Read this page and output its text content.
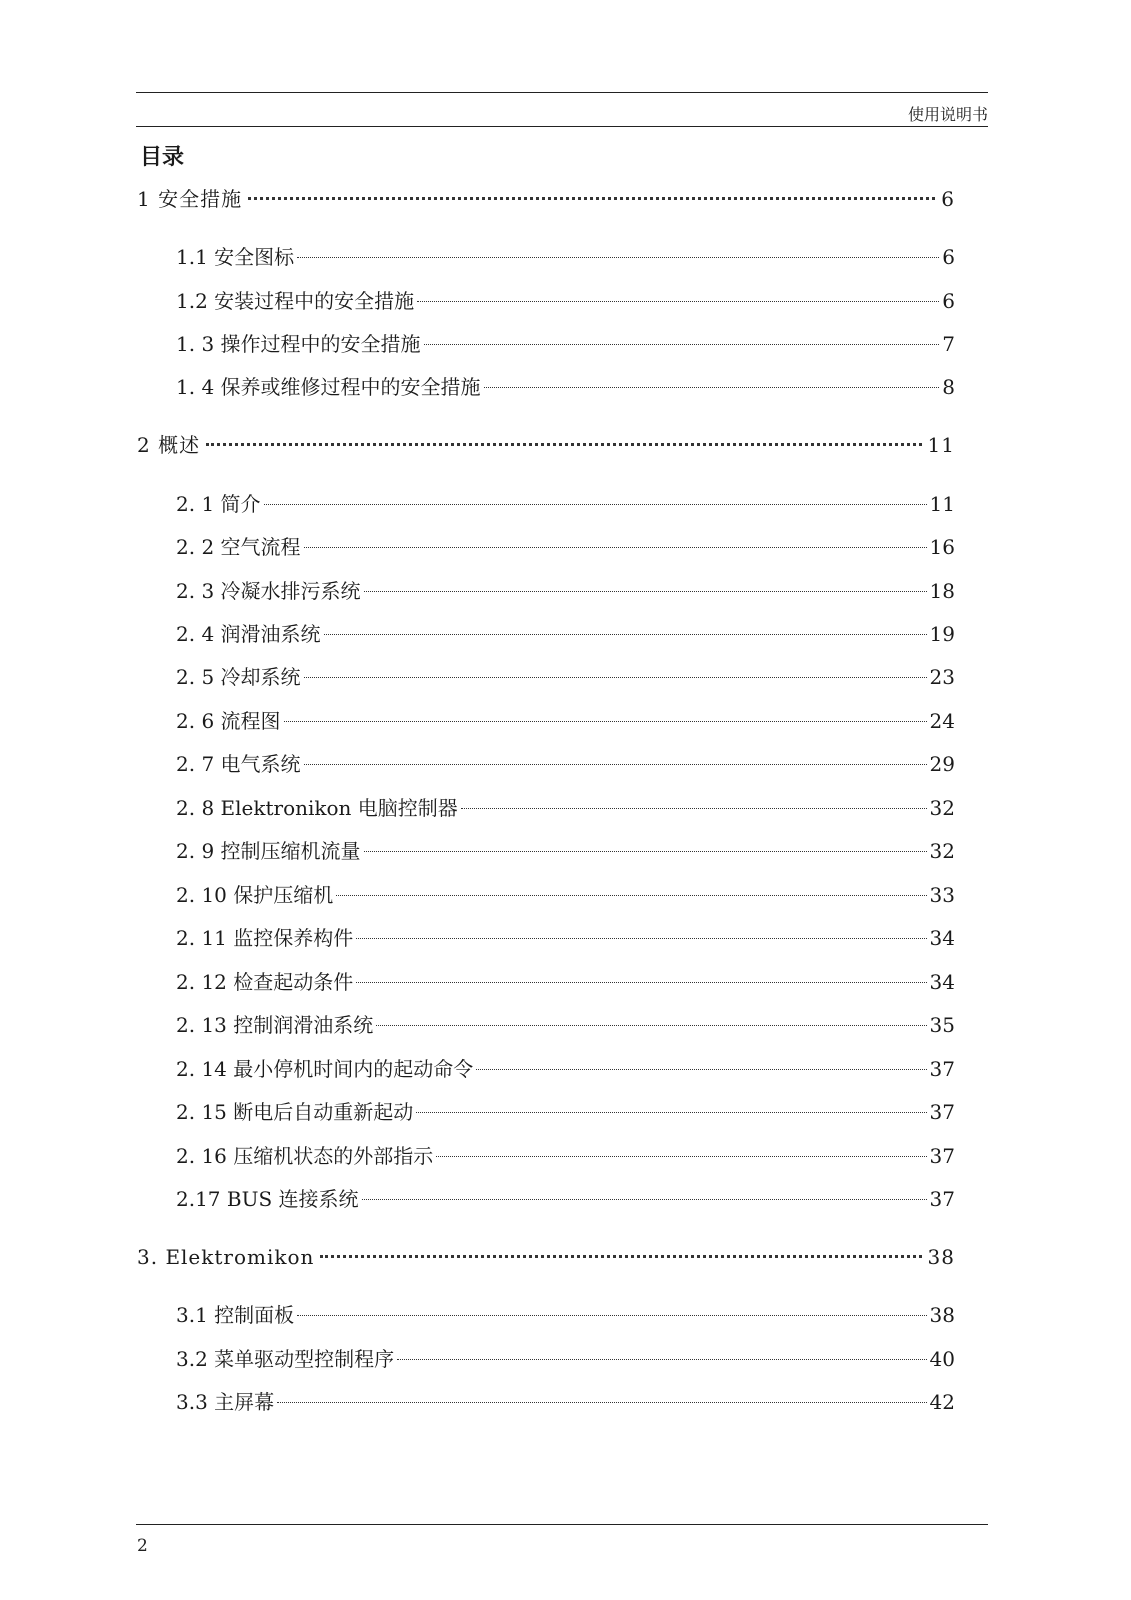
使用说明书
目录
1 安全措施	6
1.1 安全图标	6
1.2 安装过程中的安全措施	6
1. 3 操作过程中的安全措施	7
1. 4 保养或维修过程中的安全措施	8
2 概述	11
2. 1 简介	11
2. 2 空气流程	16
2. 3 冷凝水排污系统	18
2. 4 润滑油系统	19
2. 5 冷却系统	23
2. 6 流程图	24
2. 7 电气系统	29
2. 8 Elektronikon 电脑控制器	32
2. 9 控制压缩机流量	32
2. 10 保护压缩机	33
2. 11 监控保养构件	34
2. 12 检查起动条件	34
2. 13 控制润滑油系统	35
2. 14 最小停机时间内的起动命令	37
2. 15 断电后自动重新起动	37
2. 16 压缩机状态的外部指示	37
2.17 BUS 连接系统	37
3. Elektromikon	38
3.1 控制面板	38
3.2 菜单驱动型控制程序	40
3.3 主屏幕	42
2
